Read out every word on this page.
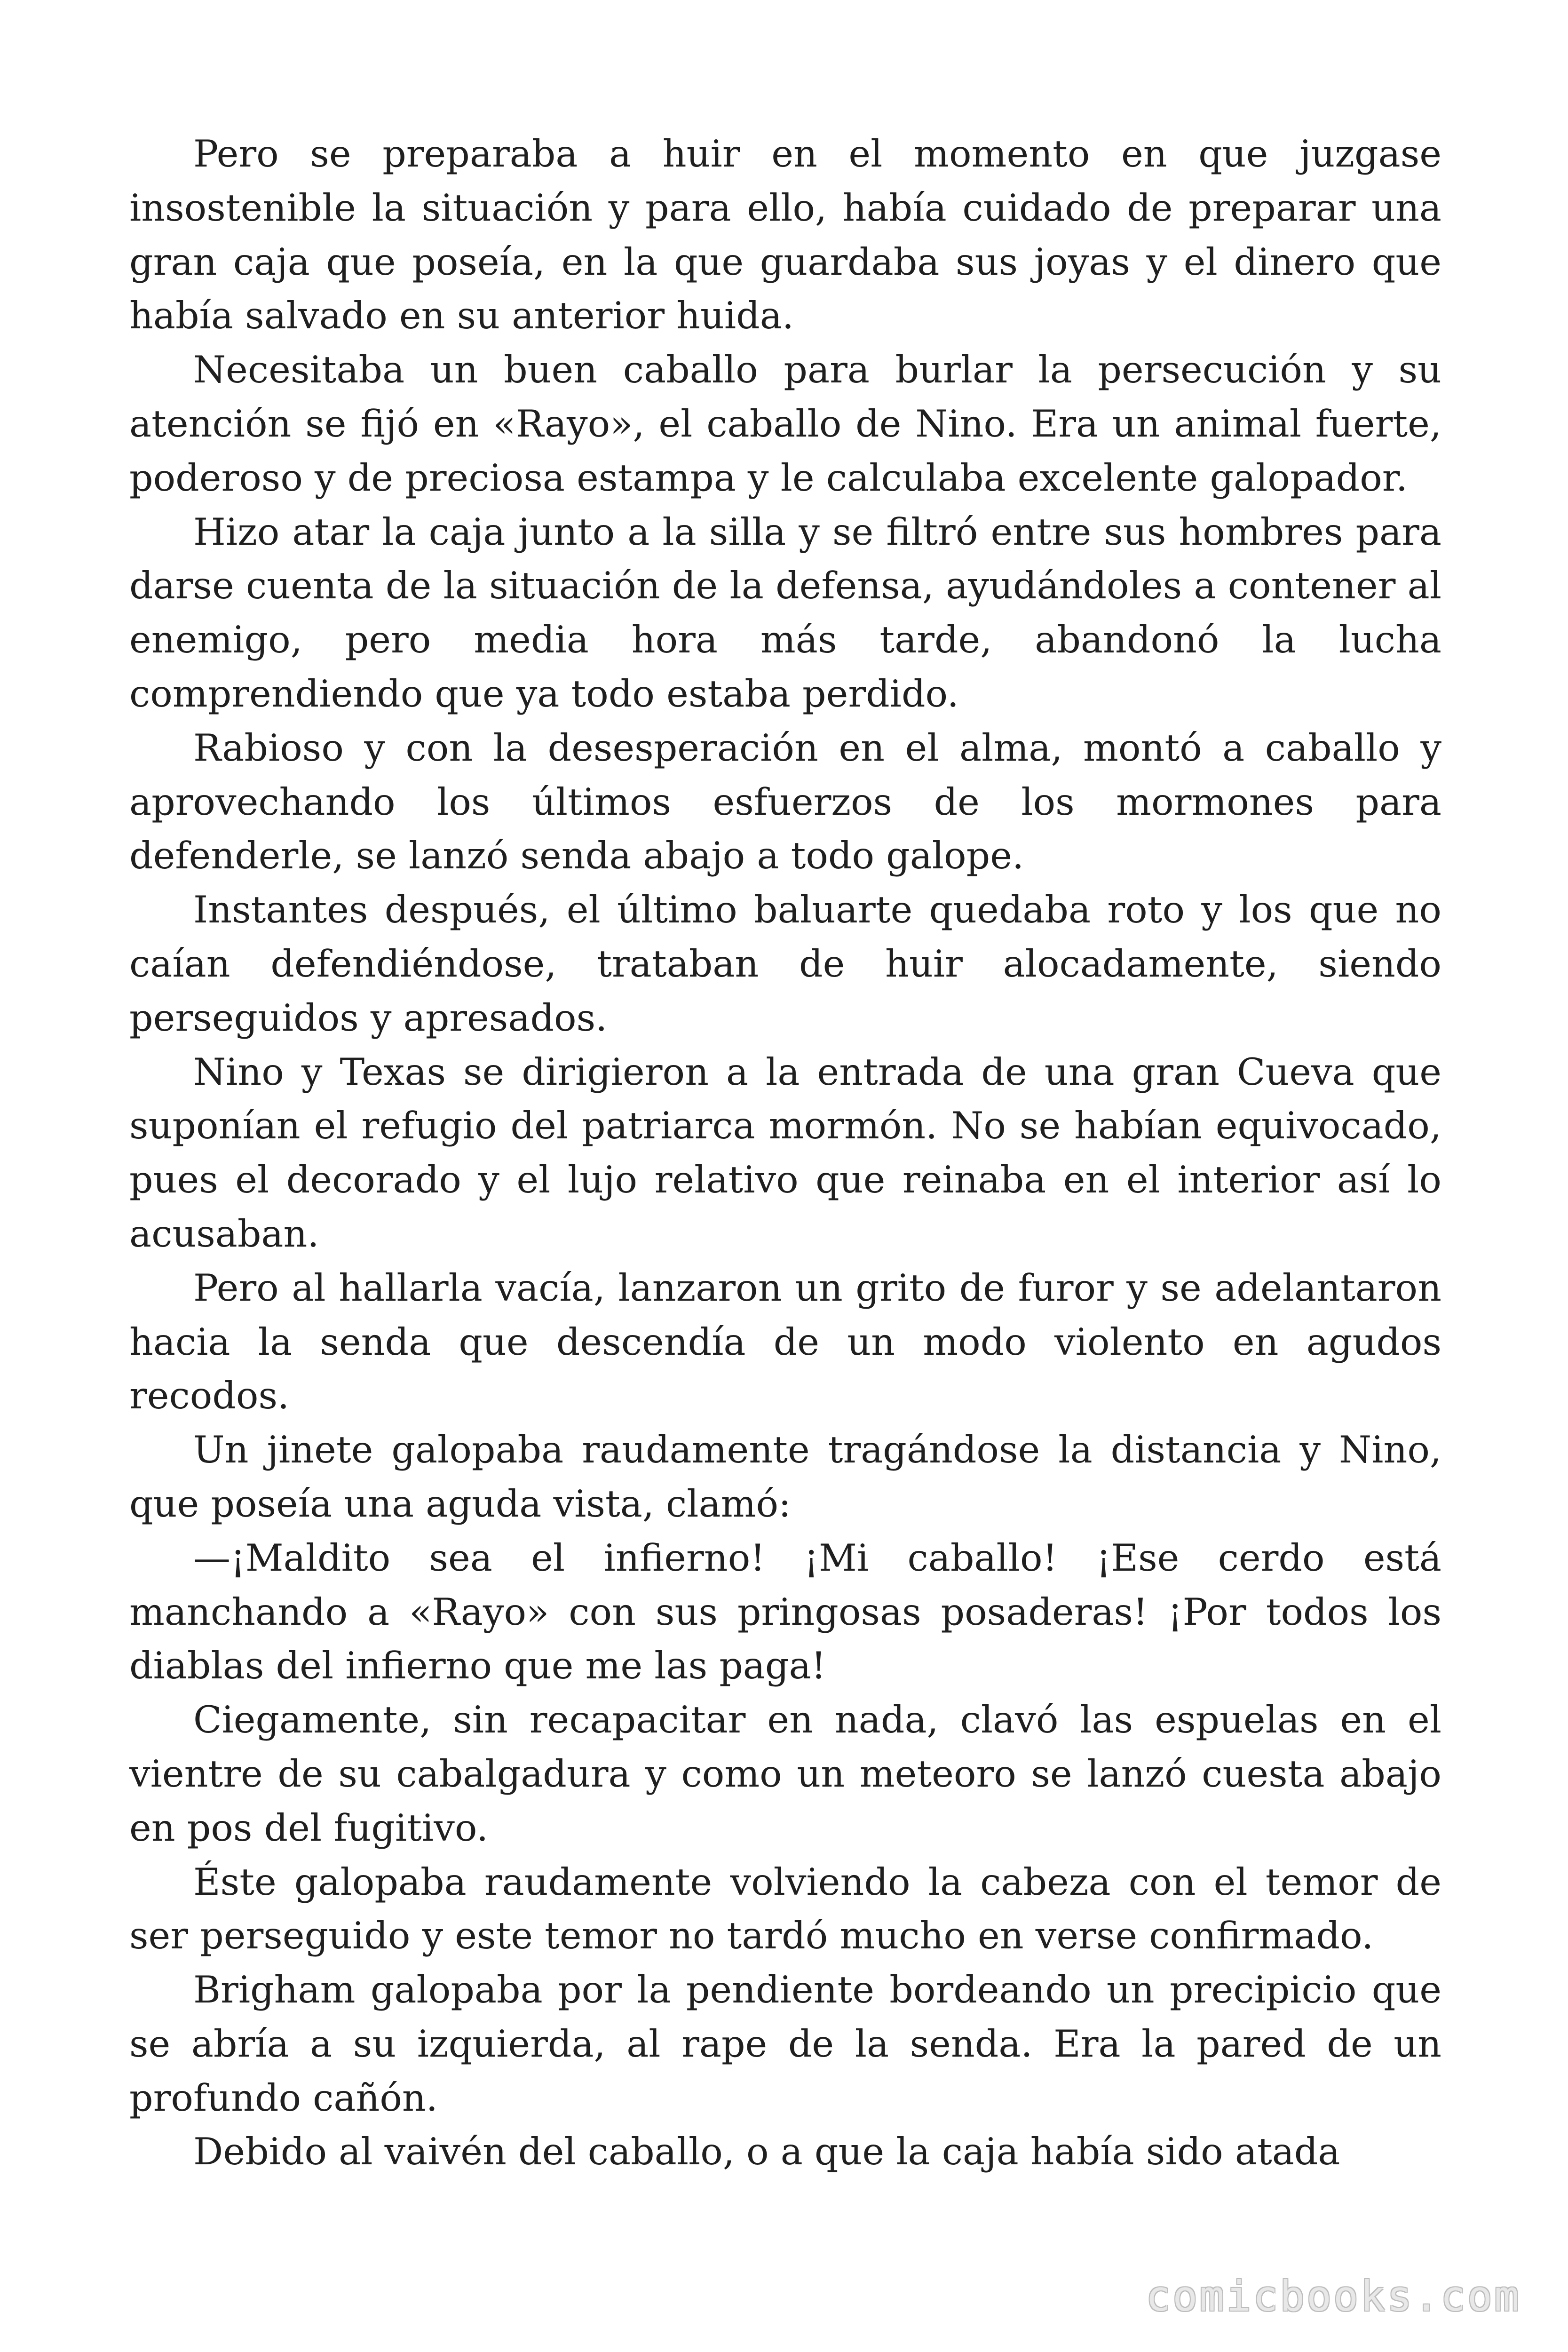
Pero se preparaba a huir en el momento en que juzgase insostenible la situación y para ello, había cuidado de preparar una gran caja que poseía, en la que guardaba sus joyas y el dinero que había salvado en su anterior huida.

Necesitaba un buen caballo para burlar la persecución y su atención se fijó en «Rayo», el caballo de Nino. Era un animal fuerte, poderoso y de preciosa estampa y le calculaba excelente galopador.

Hizo atar la caja junto a la silla y se filtró entre sus hombres para darse cuenta de la situación de la defensa, ayudándoles a contener al enemigo, pero media hora más tarde, abandonó la lucha comprendiendo que ya todo estaba perdido.

Rabioso y con la desesperación en el alma, montó a caballo y aprovechando los últimos esfuerzos de los mormones para defenderle, se lanzó senda abajo a todo galope.

Instantes después, el último baluarte quedaba roto y los que no caían defendiéndose, trataban de huir alocadamente, siendo perseguidos y apresados.

Nino y Texas se dirigieron a la entrada de una gran Cueva que suponían el refugio del patriarca mormón. No se habían equivocado, pues el decorado y el lujo relativo que reinaba en el interior así lo acusaban.

Pero al hallarla vacía, lanzaron un grito de furor y se adelantaron hacia la senda que descendía de un modo violento en agudos recodos.

Un jinete galopaba raudamente tragándose la distancia y Nino, que poseía una aguda vista, clamó:

—¡Maldito sea el infierno! ¡Mi caballo! ¡Ese cerdo está manchando a «Rayo» con sus pringosas posaderas! ¡Por todos los diablas del infierno que me las paga!

Ciegamente, sin recapacitar en nada, clavó las espuelas en el vientre de su cabalgadura y como un meteoro se lanzó cuesta abajo en pos del fugitivo.

Éste galopaba raudamente volviendo la cabeza con el temor de ser perseguido y este temor no tardó mucho en verse confirmado.

Brigham galopaba por la pendiente bordeando un precipicio que se abría a su izquierda, al rape de la senda. Era la pared de un profundo cañón.

Debido al vaivén del caballo, o a que la caja había sido atada

comicbooks.com
